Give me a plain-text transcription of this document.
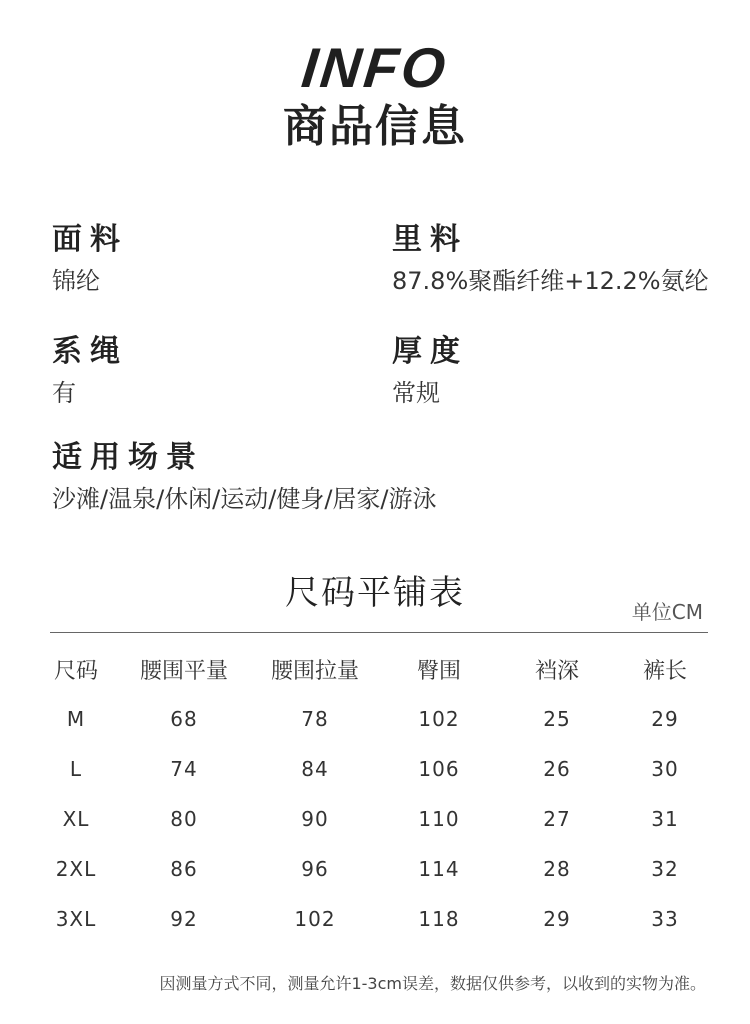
INFO
商品信息
面料
锦纶
里料
87.8%聚酯纤维+12.2%氨纶
系绳
有
厚度
常规
适用场景
沙滩/温泉/休闲/运动/健身/居家/游泳
尺码平铺表	单位CM
尺码	腰围平量	腰围拉量	臀围	裆深	裤长
M	68	78	102	25	29
L	74	84	106	26	30
XL	80	90	110	27	31
2XL	86	96	114	28	32
3XL	92	102	118	29	33
因测量方式不同，测量允许1-3cm误差，数据仅供参考，以收到的实物为准。
